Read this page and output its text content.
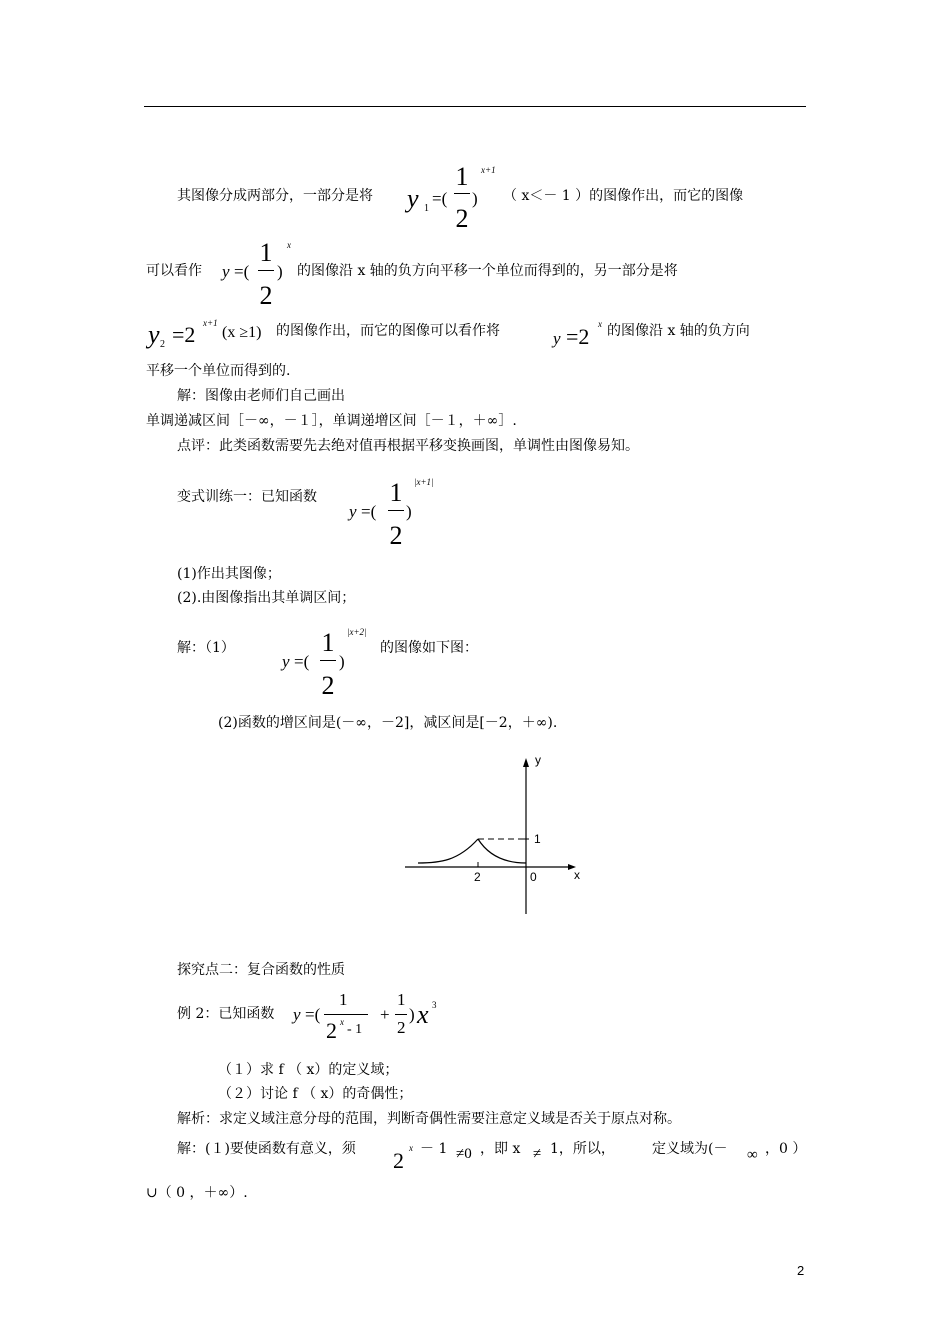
其图像分成两部分，一部分是将 y 1
=(
1
2
)
x+1
（ x＜－ 1 ）的图像作出，而它的图像
可以看作 y =(
1
2
)
x
的图像沿 x 轴的负方向平移一个单位而得到的，另一部分是将
y 2 =2 x+1
(x ≥1) 的图像作出，而它的图像可以看作将	y =2 x 的图像沿 x 轴的负方向
平移一个单位而得到的.
解：图像由老师们自己画出
单调递减区间［－∞，－１］，单调递增区间［－１，＋∞］.
点评：此类函数需要先去绝对值再根据平移变换画图，单调性由图像易知。
变式训练一：已知函数
y =(
1
2
)
|x+1|
(1)作出其图像；
(2).由图像指出其单调区间；
解：（1）
y =(
1
2
)
|x+2|
的图像如下图：
(2)函数的增区间是(－∞，－2]，减区间是[－2，＋∞).
y
x
1
2	0
探究点二：复合函数的性质
例 2：已知函数 y =(
1
2 x - 1
+
1
2
) x 3
（１）求 f （ x）的定义域；
（２）讨论 f （ x）的奇偶性；
解析：求定义域注意分母的范围，判断奇偶性需要注意定义域是否关于原点对称。
解：(１)要使函数有意义，须 2 x － 1 ≠0 ，即 x ≠ 1，所以，	定义域为(－ ∞ ，0 ）
∪（ 0 ，＋∞）.
2
